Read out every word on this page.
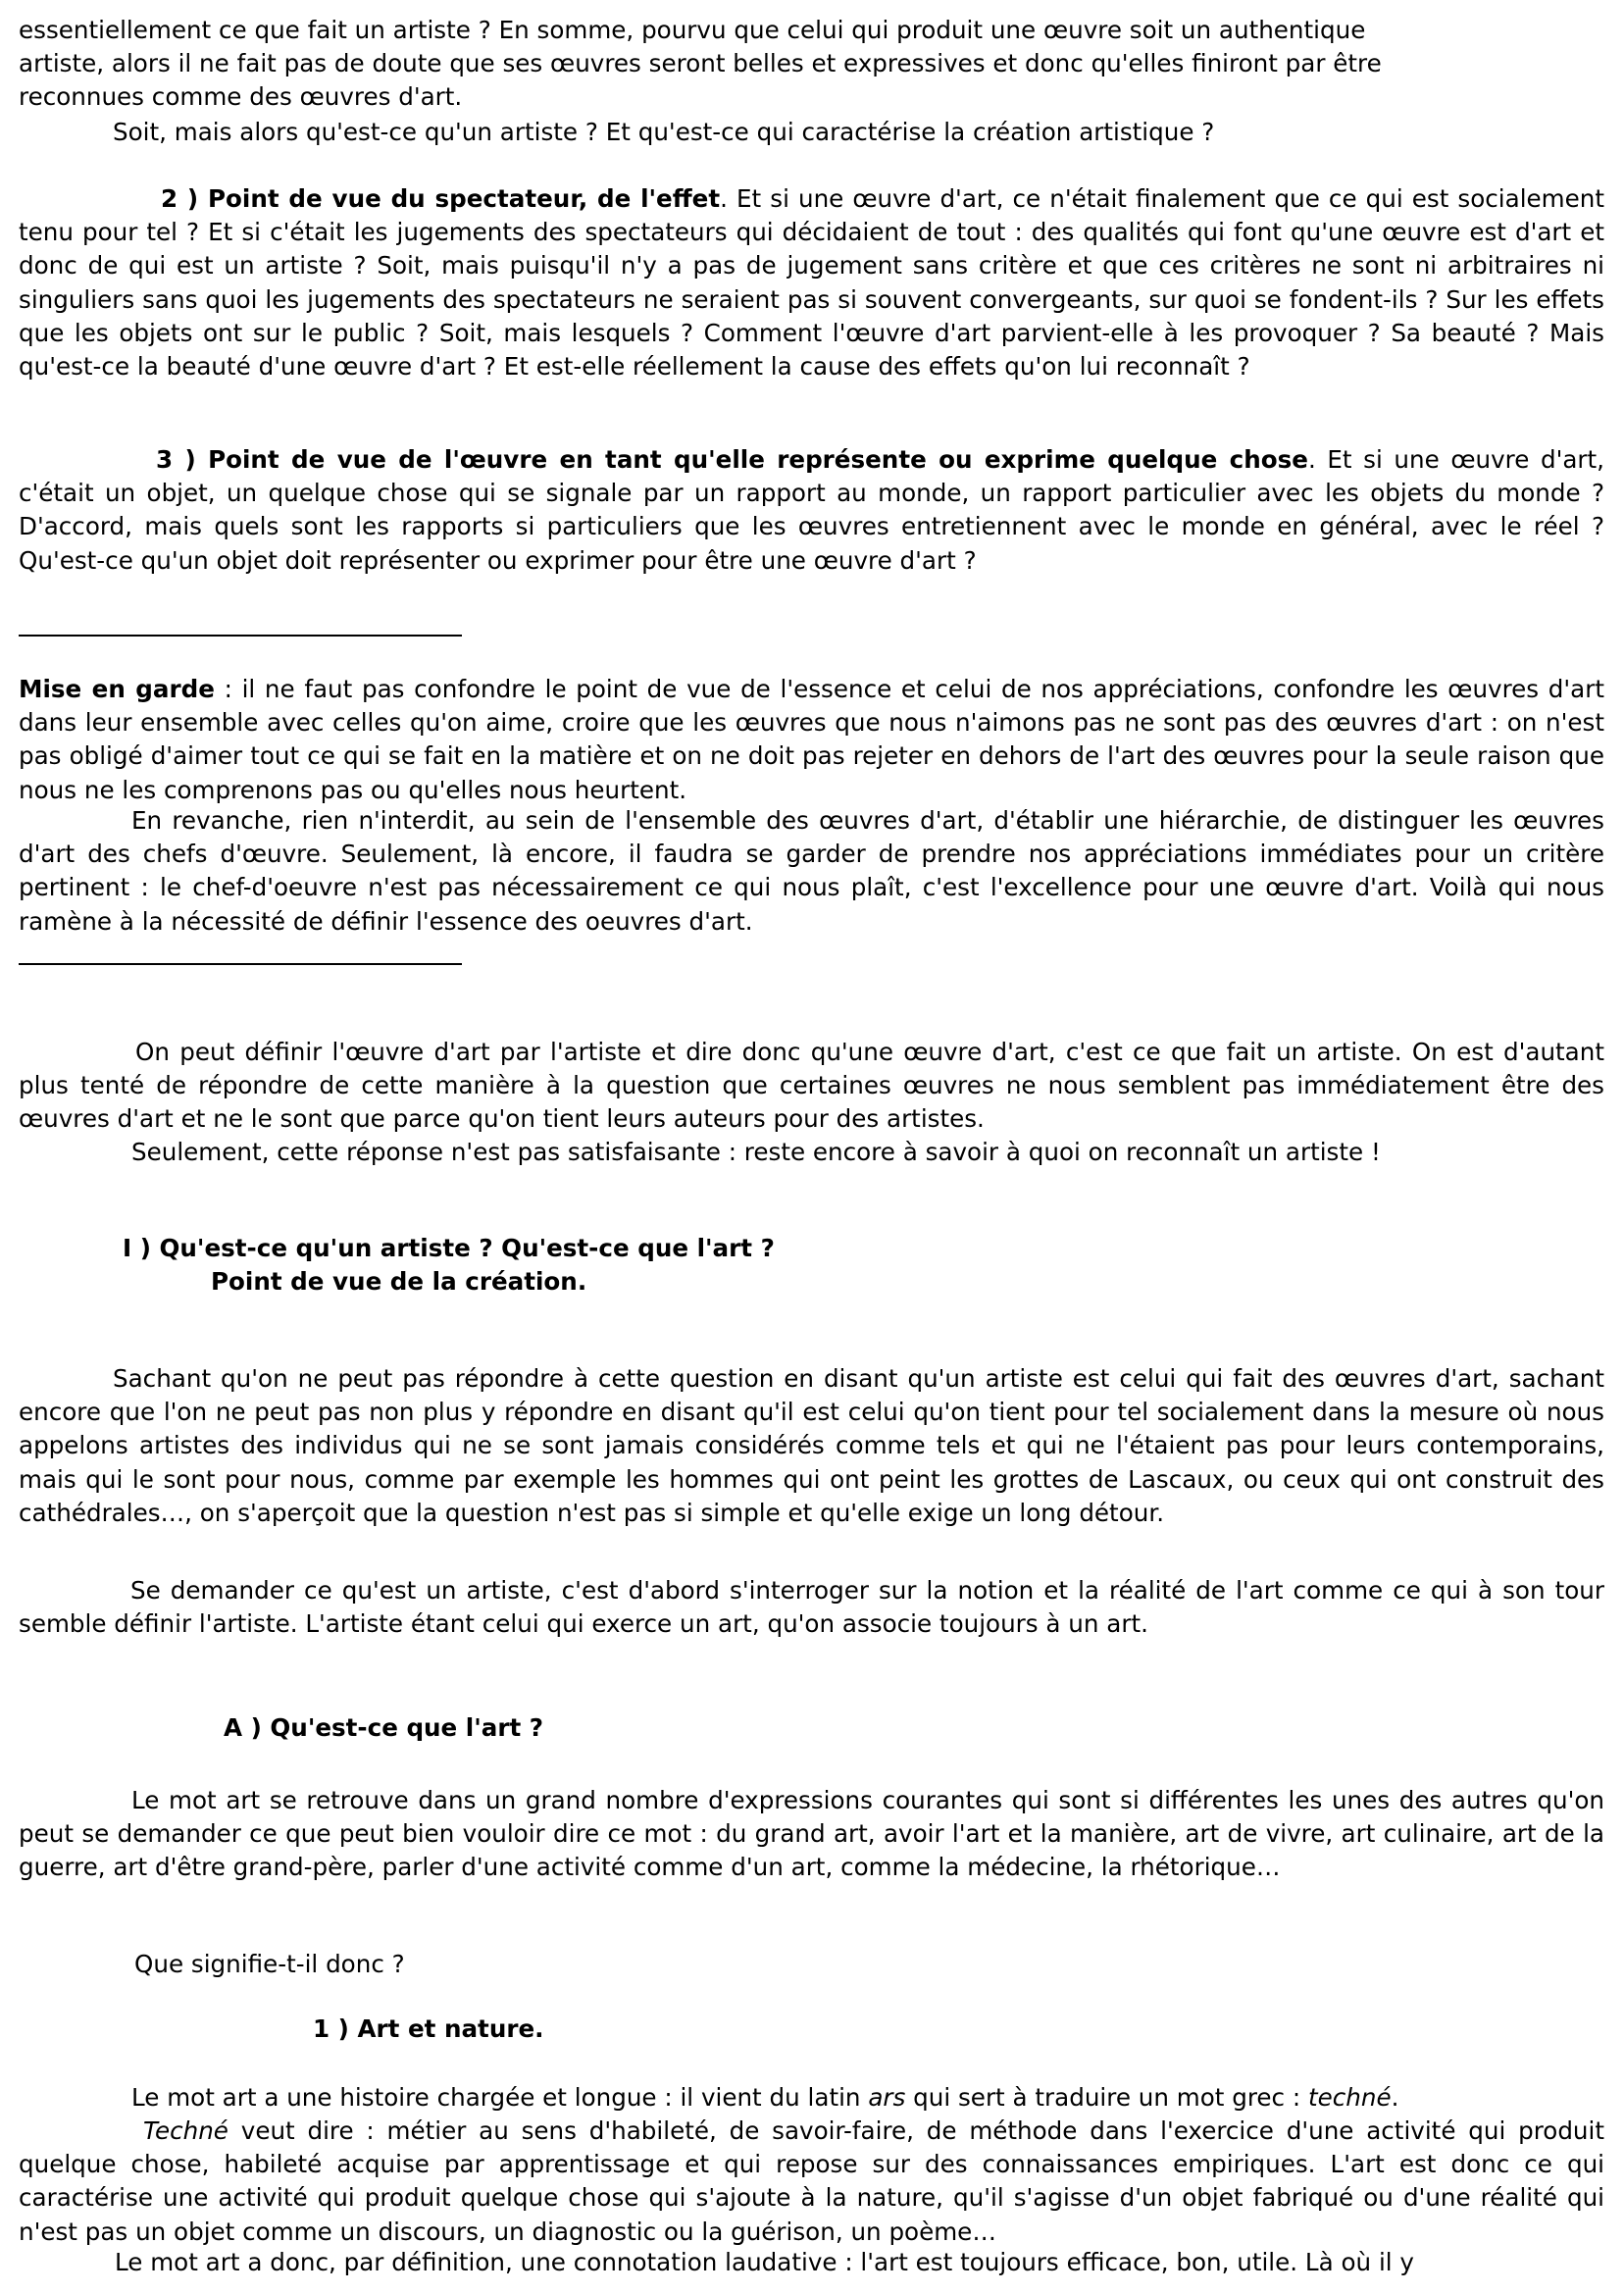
essentiellement ce que fait un artiste ? En somme, pourvu que celui qui produit une œuvre soit un authentique

artiste, alors il ne fait pas de doute que ses œuvres seront belles et expressives et donc qu'elles finiront par être

reconnues comme des œuvres d'art.

Soit, mais alors qu'est-ce qu'un artiste ? Et qu'est-ce qui caractérise la création artistique ?

2 ) Point de vue du spectateur, de l'effet. Et si une œuvre d'art, ce n'était finalement que ce qui est socialement tenu pour tel ? Et si c'était les jugements des spectateurs qui décidaient de tout : des qualités qui font qu'une œuvre est d'art et donc de qui est un artiste ? Soit, mais puisqu'il n'y a pas de jugement sans critère et que ces critères ne sont ni arbitraires ni singuliers sans quoi les jugements des spectateurs ne seraient pas si souvent convergeants, sur quoi se fondent-ils ? Sur les effets que les objets ont sur le public ? Soit, mais lesquels ? Comment l'œuvre d'art parvient-elle à les provoquer ? Sa beauté ? Mais qu'est-ce la beauté d'une œuvre d'art ? Et est-elle réellement la cause des effets qu'on lui reconnaît ?

3 ) Point de vue de l'œuvre en tant qu'elle représente ou exprime quelque chose. Et si une œuvre d'art, c'était un objet, un quelque chose qui se signale par un rapport au monde, un rapport particulier avec les objets du monde ? D'accord, mais quels sont les rapports si particuliers que les œuvres entretiennent avec le monde en général, avec le réel ? Qu'est-ce qu'un objet doit représenter ou exprimer pour être une œuvre d'art ?

Mise en garde : il ne faut pas confondre le point de vue de l'essence et celui de nos appréciations, confondre les œuvres d'art dans leur ensemble avec celles qu'on aime, croire que les œuvres que nous n'aimons pas ne sont pas des œuvres d'art : on n'est pas obligé d'aimer tout ce qui se fait en la matière et on ne doit pas rejeter en dehors de l'art des œuvres pour la seule raison que nous ne les comprenons pas ou qu'elles nous heurtent.

En revanche, rien n'interdit, au sein de l'ensemble des œuvres d'art, d'établir une hiérarchie, de distinguer les œuvres d'art des chefs d'œuvre. Seulement, là encore, il faudra se garder de prendre nos appréciations immédiates pour un critère pertinent : le chef-d'oeuvre n'est pas nécessairement ce qui nous plaît, c'est l'excellence pour une œuvre d'art. Voilà qui nous ramène à la nécessité de définir l'essence des oeuvres d'art.

On peut définir l'œuvre d'art par l'artiste et dire donc qu'une œuvre d'art, c'est ce que fait un artiste. On est d'autant plus tenté de répondre de cette manière à la question que certaines œuvres ne nous semblent pas immédiatement être des œuvres d'art et ne le sont que parce qu'on tient leurs auteurs pour des artistes.

Seulement, cette réponse n'est pas satisfaisante : reste encore à savoir à quoi on reconnaît un artiste !

I ) Qu'est-ce qu'un artiste ? Qu'est-ce que l'art ?

Point de vue de la création.

Sachant qu'on ne peut pas répondre à cette question en disant qu'un artiste est celui qui fait des œuvres d'art, sachant encore que l'on ne peut pas non plus y répondre en disant qu'il est celui qu'on tient pour tel socialement dans la mesure où nous appelons artistes des individus qui ne se sont jamais considérés comme tels et qui ne l'étaient pas pour leurs contemporains, mais qui le sont pour nous, comme par exemple les hommes qui ont peint les grottes de Lascaux, ou ceux qui ont construit des cathédrales…, on s'aperçoit que la question n'est pas si simple et qu'elle exige un long détour.

Se demander ce qu'est un artiste, c'est d'abord s'interroger sur la notion et la réalité de l'art comme ce qui à son tour semble définir l'artiste. L'artiste étant celui qui exerce un art, qu'on associe toujours à un art.

A ) Qu'est-ce que l'art ?

Le mot art se retrouve dans un grand nombre d'expressions courantes qui sont si différentes les unes des autres qu'on peut se demander ce que peut bien vouloir dire ce mot : du grand art, avoir l'art et la manière, art de vivre, art culinaire, art de la guerre, art d'être grand-père, parler d'une activité comme d'un art, comme la médecine, la rhétorique…

Que signifie-t-il donc ?

1 ) Art et nature.

Le mot art a une histoire chargée et longue : il vient du latin ars qui sert à traduire un mot grec : techné.

Techné veut dire : métier au sens d'habileté, de savoir-faire, de méthode dans l'exercice d'une activité qui produit quelque chose, habileté acquise par apprentissage et qui repose sur des connaissances empiriques. L'art est donc ce qui caractérise une activité qui produit quelque chose qui s'ajoute à la nature, qu'il s'agisse d'un objet fabriqué ou d'une réalité qui n'est pas un objet comme un discours, un diagnostic ou la guérison, un poème…

Le mot art a donc, par définition, une connotation laudative : l'art est toujours efficace, bon, utile. Là où il y
